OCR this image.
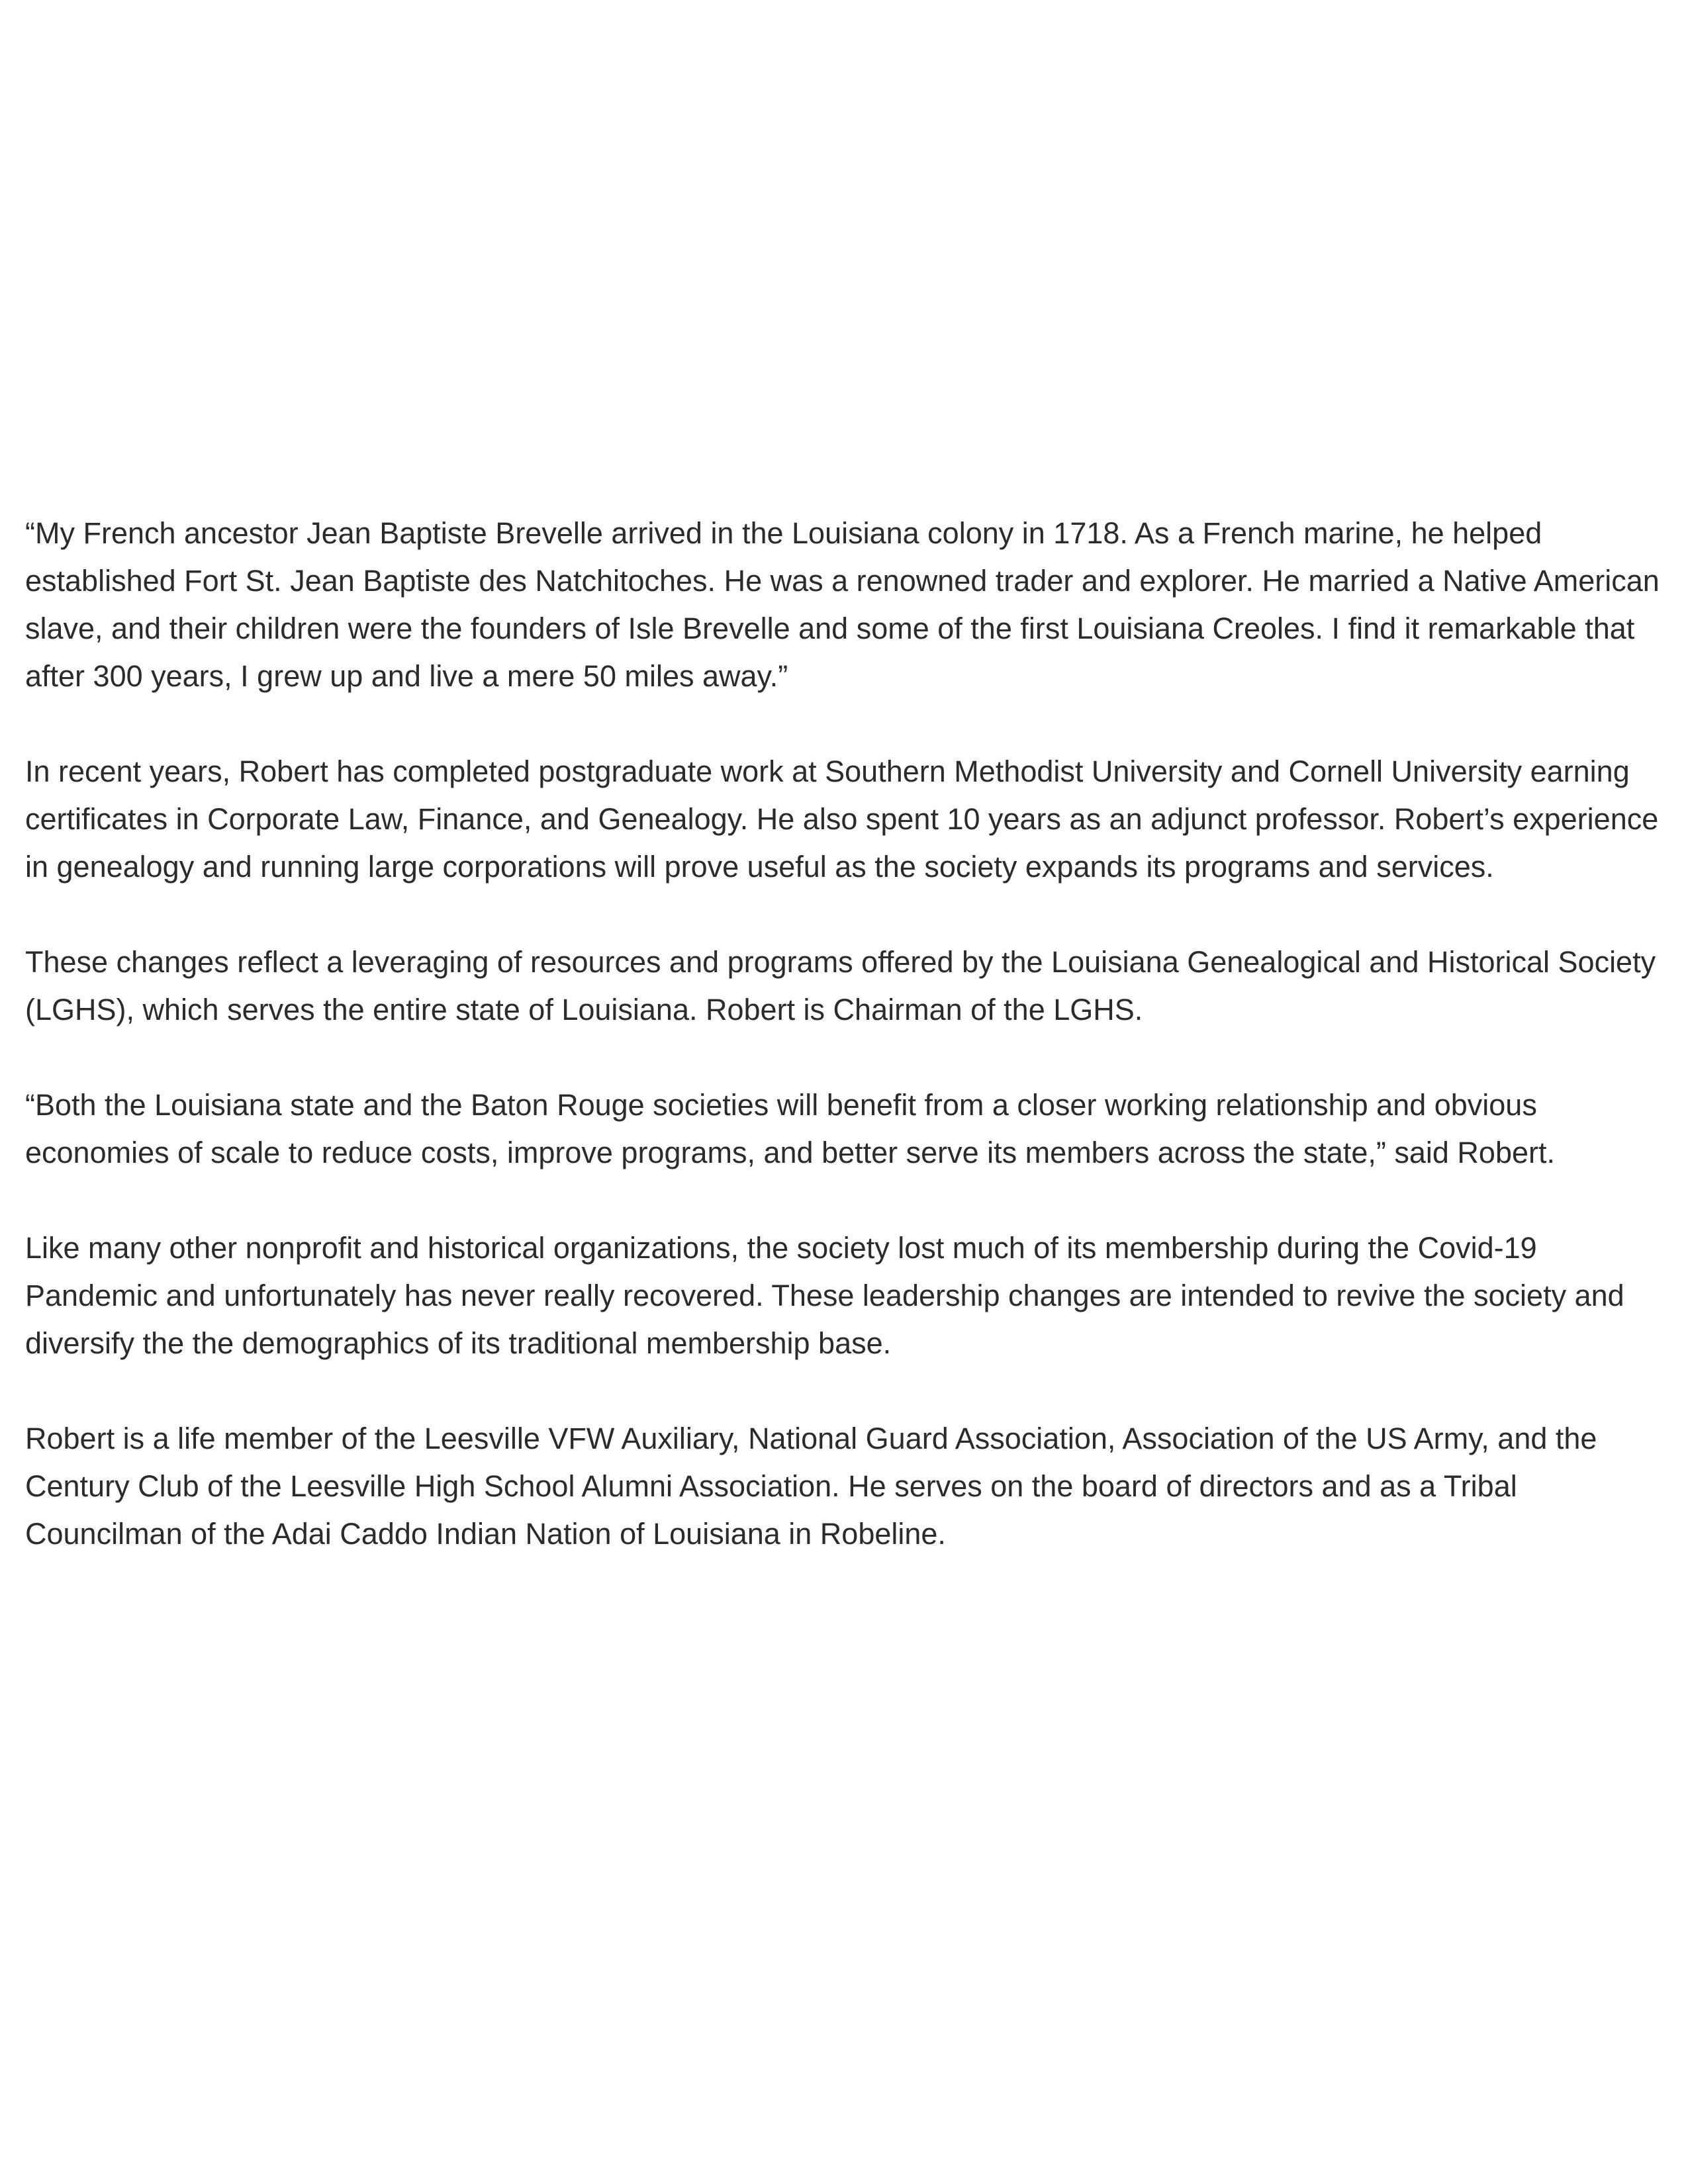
“My French ancestor Jean Baptiste Brevelle arrived in the Louisiana colony in 1718. As a French marine, he helped established Fort St. Jean Baptiste des Natchitoches. He was a renowned trader and explorer. He married a Native American slave, and their children were the founders of Isle Brevelle and some of the first Louisiana Creoles. I find it remarkable that after 300 years, I grew up and live a mere 50 miles away.”

In recent years, Robert has completed postgraduate work at Southern Methodist University and Cornell University earning certificates in Corporate Law, Finance, and Genealogy. He also spent 10 years as an adjunct professor. Robert’s experience in genealogy and running large corporations will prove useful as the society expands its programs and services.

These changes reflect a leveraging of resources and programs offered by the Louisiana Genealogical and Historical Society (LGHS), which serves the entire state of Louisiana. Robert is Chairman of the LGHS.

“Both the Louisiana state and the Baton Rouge societies will benefit from a closer working relationship and obvious economies of scale to reduce costs, improve programs, and better serve its members across the state,” said Robert.

Like many other nonprofit and historical organizations, the society lost much of its membership during the Covid-19 Pandemic and unfortunately has never really recovered. These leadership changes are intended to revive the society and diversify the the demographics of its traditional membership base.

Robert is a life member of the Leesville VFW Auxiliary, National Guard Association, Association of the US Army, and the Century Club of the Leesville High School Alumni Association. He serves on the board of directors and as a Tribal Councilman of the Adai Caddo Indian Nation of Louisiana in Robeline.
